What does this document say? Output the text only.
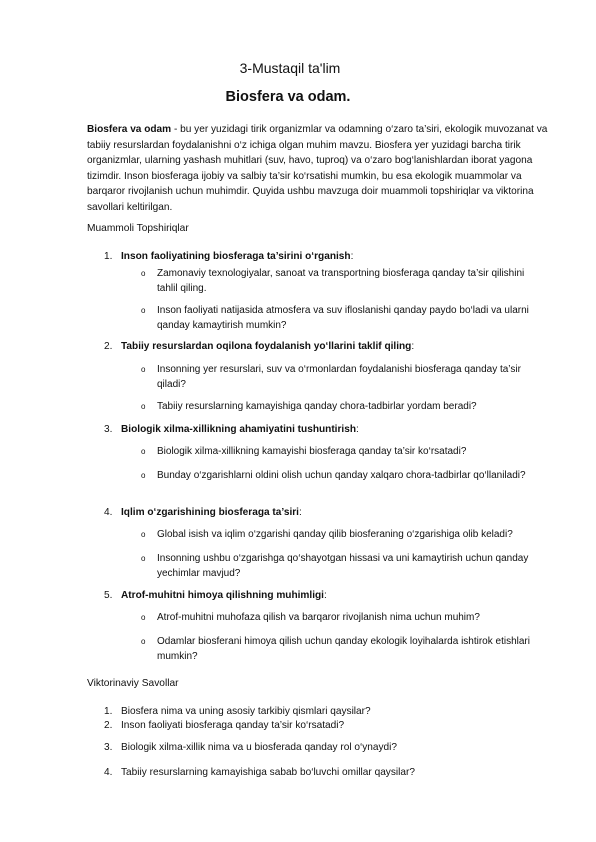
3-Mustaqil ta'lim
Biosfera va odam.

Biosfera va odam - bu yer yuzidagi tirik organizmlar va odamning o‘zaro ta’siri, ekologik muvozanat va tabiiy resurslardan foydalanishni o‘z ichiga olgan muhim mavzu. Biosfera yer yuzidagi barcha tirik organizmlar, ularning yashash muhitlari (suv, havo, tuproq) va o‘zaro bog‘lanishlardan iborat yagona tizimdir. Inson biosferaga ijobiy va salbiy ta’sir ko‘rsatishi mumkin, bu esa ekologik muammolar va barqaror rivojlanish uchun muhimdir. Quyida ushbu mavzuga doir muammoli topshiriqlar va viktorina savollari keltirilgan.

Muammoli Topshiriqlar
1. Inson faoliyatining biosferaga ta’sirini o‘rganish:
o Zamonaviy texnologiyalar, sanoat va transportning biosferaga qanday ta’sir qilishini tahlil qiling.
o Inson faoliyati natijasida atmosfera va suv ifloslanishi qanday paydo bo‘ladi va ularni qanday kamaytirish mumkin?
2. Tabiiy resurslardan oqilona foydalanish yo‘llarini taklif qiling:
o Insonning yer resurslari, suv va o‘rmonlardan foydalanishi biosferaga qanday ta’sir qiladi?
o Tabiiy resurslarning kamayishiga qanday chora-tadbirlar yordam beradi?
3. Biologik xilma-xillikning ahamiyatini tushuntirish:
o Biologik xilma-xillikning kamayishi biosferaga qanday ta’sir ko‘rsatadi?
o Bunday o‘zgarishlarni oldini olish uchun qanday xalqaro chora-tadbirlar qo‘llaniladi?
4. Iqlim o‘zgarishining biosferaga ta’siri:
o Global isish va iqlim o‘zgarishi qanday qilib biosferaning o‘zgarishiga olib keladi?
o Insonning ushbu o‘zgarishga qo‘shayotgan hissasi va uni kamaytirish uchun qanday yechimlar mavjud?
5. Atrof-muhitni himoya qilishning muhimligi:
o Atrof-muhitni muhofaza qilish va barqaror rivojlanish nima uchun muhim?
o Odamlar biosferani himoya qilish uchun qanday ekologik loyihalarda ishtirok etishlari mumkin?
Viktorinaviy Savollar
1. Biosfera nima va uning asosiy tarkibiy qismlari qaysilar?
2. Inson faoliyati biosferaga qanday ta’sir ko‘rsatadi?
3. Biologik xilma-xillik nima va u biosferada qanday rol o‘ynaydi?
4. Tabiiy resurslarning kamayishiga sabab bo‘luvchi omillar qaysilar?
